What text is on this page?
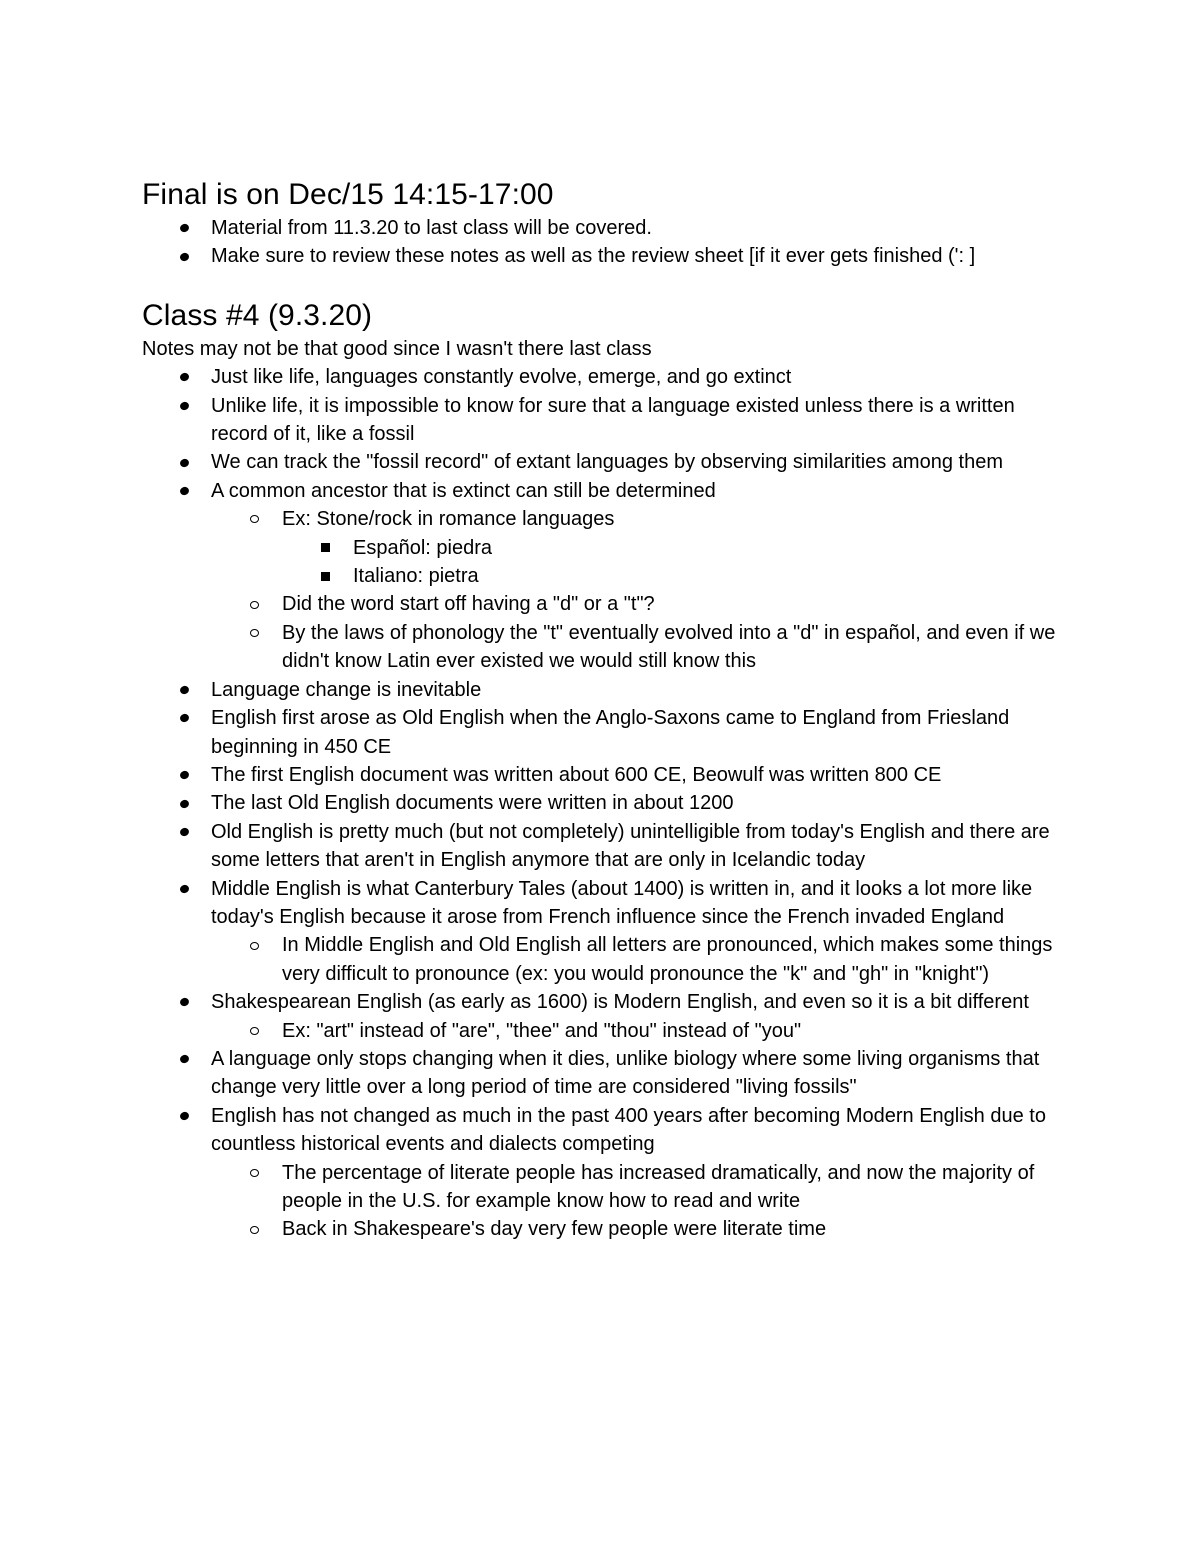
Final is on Dec/15 14:15-17:00
Material from 11.3.20 to last class will be covered.
Make sure to review these notes as well as the review sheet [if it ever gets finished (': ]
Class #4 (9.3.20)

Notes may not be that good since I wasn't there last class

Just like life, languages constantly evolve, emerge, and go extinct
Unlike life, it is impossible to know for sure that a language existed unless there is a written record of it, like a fossil
We can track the "fossil record" of extant languages by observing similarities among them
A common ancestor that is extinct can still be determined
Ex: Stone/rock in romance languages
Español: piedra
Italiano: pietra
Did the word start off having a "d" or a "t"?
By the laws of phonology the "t" eventually evolved into a "d" in español, and even if we didn't know Latin ever existed we would still know this
Language change is inevitable
English first arose as Old English when the Anglo-Saxons came to England from Friesland beginning in 450 CE
The first English document was written about 600 CE, Beowulf was written 800 CE
The last Old English documents were written in about 1200
Old English is pretty much (but not completely) unintelligible from today's English and there are some letters that aren't in English anymore that are only in Icelandic today
Middle English is what Canterbury Tales (about 1400) is written in, and it looks a lot more like today's English because it arose from French influence since the French invaded England
In Middle English and Old English all letters are pronounced, which makes some things very difficult to pronounce (ex: you would pronounce the "k" and "gh" in "knight")
Shakespearean English (as early as 1600) is Modern English, and even so it is a bit different
Ex: "art" instead of "are", "thee" and "thou" instead of "you"
A language only stops changing when it dies, unlike biology where some living organisms that change very little over a long period of time are considered "living fossils"
English has not changed as much in the past 400 years after becoming Modern English due to countless historical events and dialects competing
The percentage of literate people has increased dramatically, and now the majority of people in the U.S. for example know how to read and write
Back in Shakespeare's day very few people were literate time
